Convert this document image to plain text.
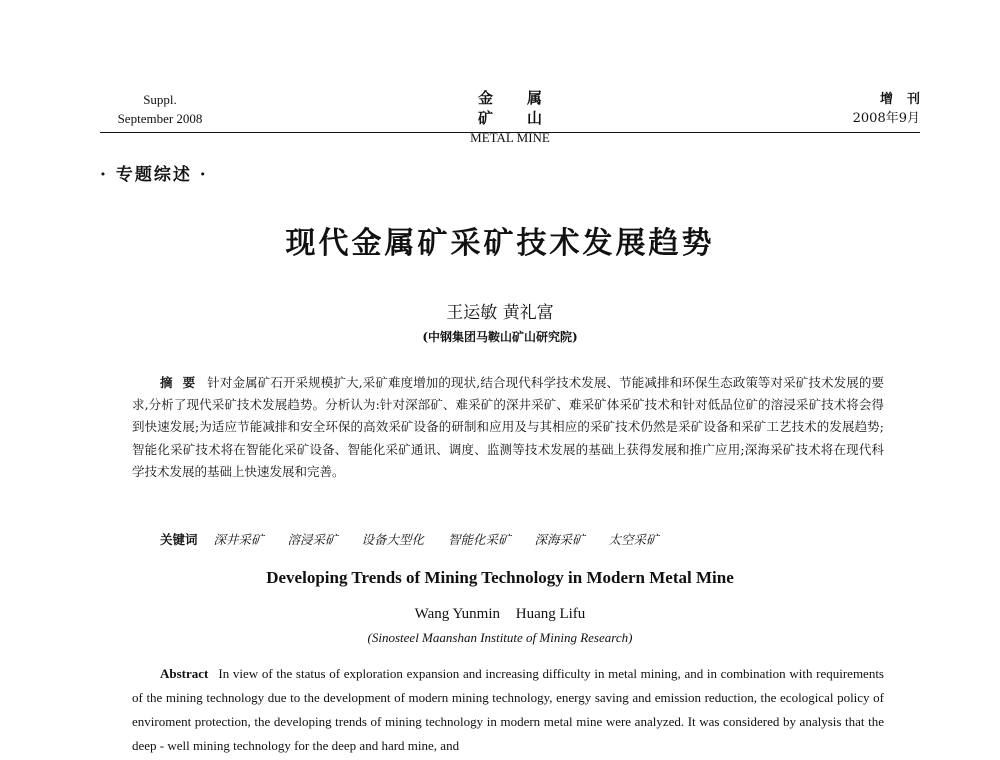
Suppl.
September 2008
金属矿山
METAL MINE
增刊
2008年9月
· 专题综述 ·
现代金属矿采矿技术发展趋势
王运敏 黄礼富
(中钢集团马鞍山矿山研究院)
摘要 针对金属矿石开采规模扩大,采矿难度增加的现状,结合现代科学技术发展、节能减排和环保生态政策等对采矿技术发展的要求,分析了现代采矿技术发展趋势。分析认为:针对深部矿、难采矿的深井采矿、难采矿体采矿技术和针对低品位矿的溶浸采矿技术将会得到快速发展;为适应节能减排和安全环保的高效采矿设备的研制和应用及与其相应的采矿技术仍然是采矿设备和采矿工艺技术的发展趋势;智能化采矿技术将在智能化采矿设备、智能化采矿通讯、调度、监测等技术发展的基础上获得发展和推广应用;深海采矿技术将在现代科学技术发展的基础上快速发展和完善。
关键词 深井采矿 溶浸采矿 设备大型化 智能化采矿 深海采矿 太空采矿
Developing Trends of Mining Technology in Modern Metal Mine
Wang Yunmin Huang Lifu
(Sinosteel Maanshan Institute of Mining Research)
Abstract In view of the status of exploration expansion and increasing difficulty in metal mining, and in combination with requirements of the mining technology due to the development of modern mining technology, energy saving and emission reduction, the ecological policy of enviroment protection, the developing trends of mining technology in modern metal mine were analyzed. It was considered by analysis that the deep - well mining technology for the deep and hard mine, and
